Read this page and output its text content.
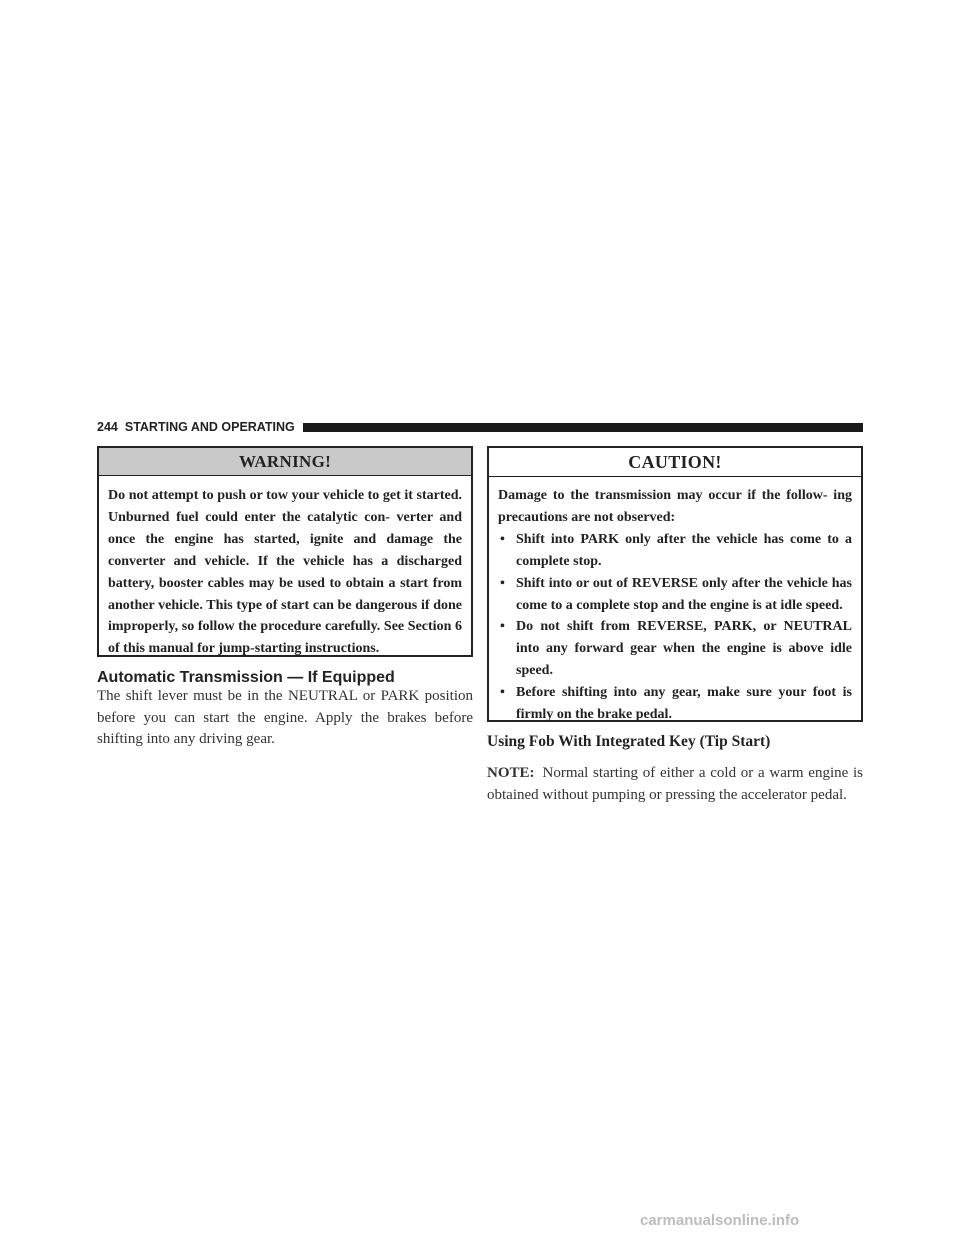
244 STARTING AND OPERATING
WARNING!
Do not attempt to push or tow your vehicle to get it started. Unburned fuel could enter the catalytic con- verter and once the engine has started, ignite and damage the converter and vehicle. If the vehicle has a discharged battery, booster cables may be used to obtain a start from another vehicle. This type of start can be dangerous if done improperly, so follow the procedure carefully. See Section 6 of this manual for jump-starting instructions.
Automatic Transmission — If Equipped
The shift lever must be in the NEUTRAL or PARK position before you can start the engine. Apply the brakes before shifting into any driving gear.
CAUTION!
Damage to the transmission may occur if the follow- ing precautions are not observed:
• Shift into PARK only after the vehicle has come to a complete stop.
• Shift into or out of REVERSE only after the vehicle has come to a complete stop and the engine is at idle speed.
• Do not shift from REVERSE, PARK, or NEUTRAL into any forward gear when the engine is above idle speed.
• Before shifting into any gear, make sure your foot is firmly on the brake pedal.
Using Fob With Integrated Key (Tip Start)
NOTE: Normal starting of either a cold or a warm engine is obtained without pumping or pressing the accelerator pedal.
carmanualsonline.info
